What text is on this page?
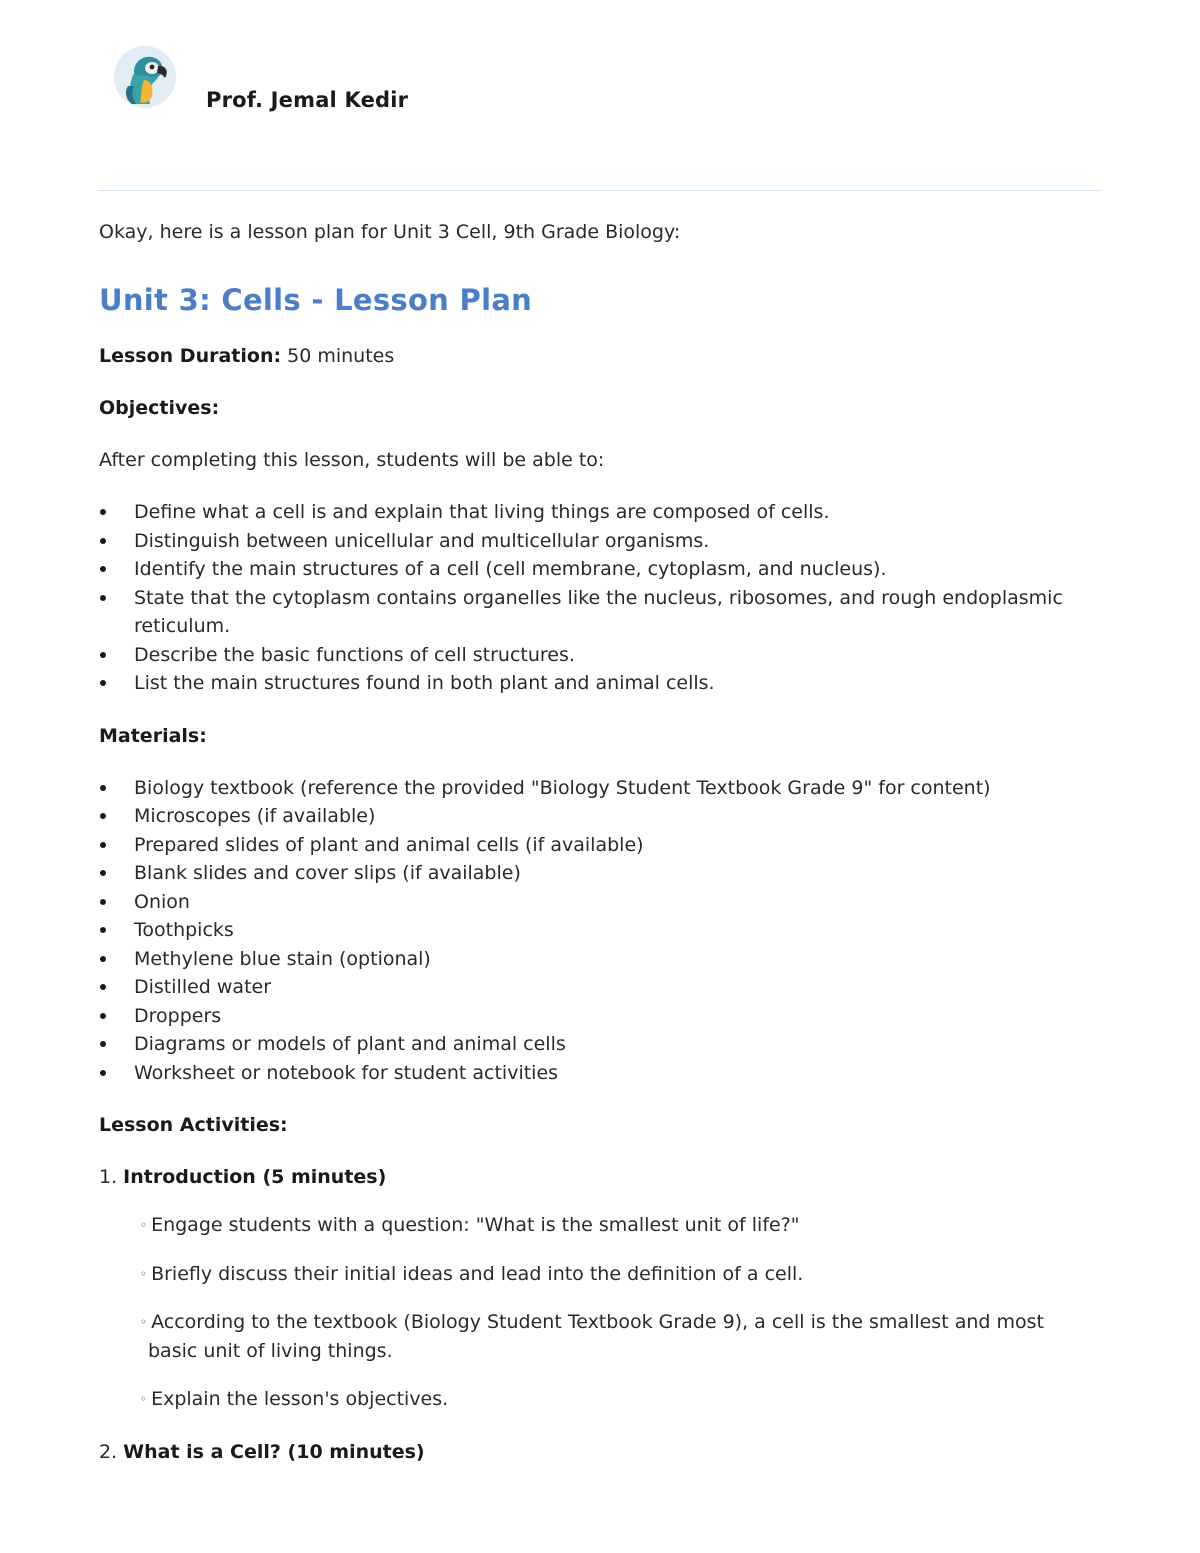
Prof. Jemal Kedir

Okay, here is a lesson plan for Unit 3 Cell, 9th Grade Biology:

Unit 3: Cells - Lesson Plan

Lesson Duration: 50 minutes

Objectives:

After completing this lesson, students will be able to:

Define what a cell is and explain that living things are composed of cells.
Distinguish between unicellular and multicellular organisms.
Identify the main structures of a cell (cell membrane, cytoplasm, and nucleus).
State that the cytoplasm contains organelles like the nucleus, ribosomes, and rough endoplasmic reticulum.
Describe the basic functions of cell structures.
List the main structures found in both plant and animal cells.

Materials:

Biology textbook (reference the provided "Biology Student Textbook Grade 9" for content)
Microscopes (if available)
Prepared slides of plant and animal cells (if available)
Blank slides and cover slips (if available)
Onion
Toothpicks
Methylene blue stain (optional)
Distilled water
Droppers
Diagrams or models of plant and animal cells
Worksheet or notebook for student activities

Lesson Activities:

1. Introduction (5 minutes)

◦ Engage students with a question: "What is the smallest unit of life?"

◦ Briefly discuss their initial ideas and lead into the definition of a cell.

◦ According to the textbook (Biology Student Textbook Grade 9), a cell is the smallest and most basic unit of living things.

◦ Explain the lesson's objectives.

2. What is a Cell? (10 minutes)
